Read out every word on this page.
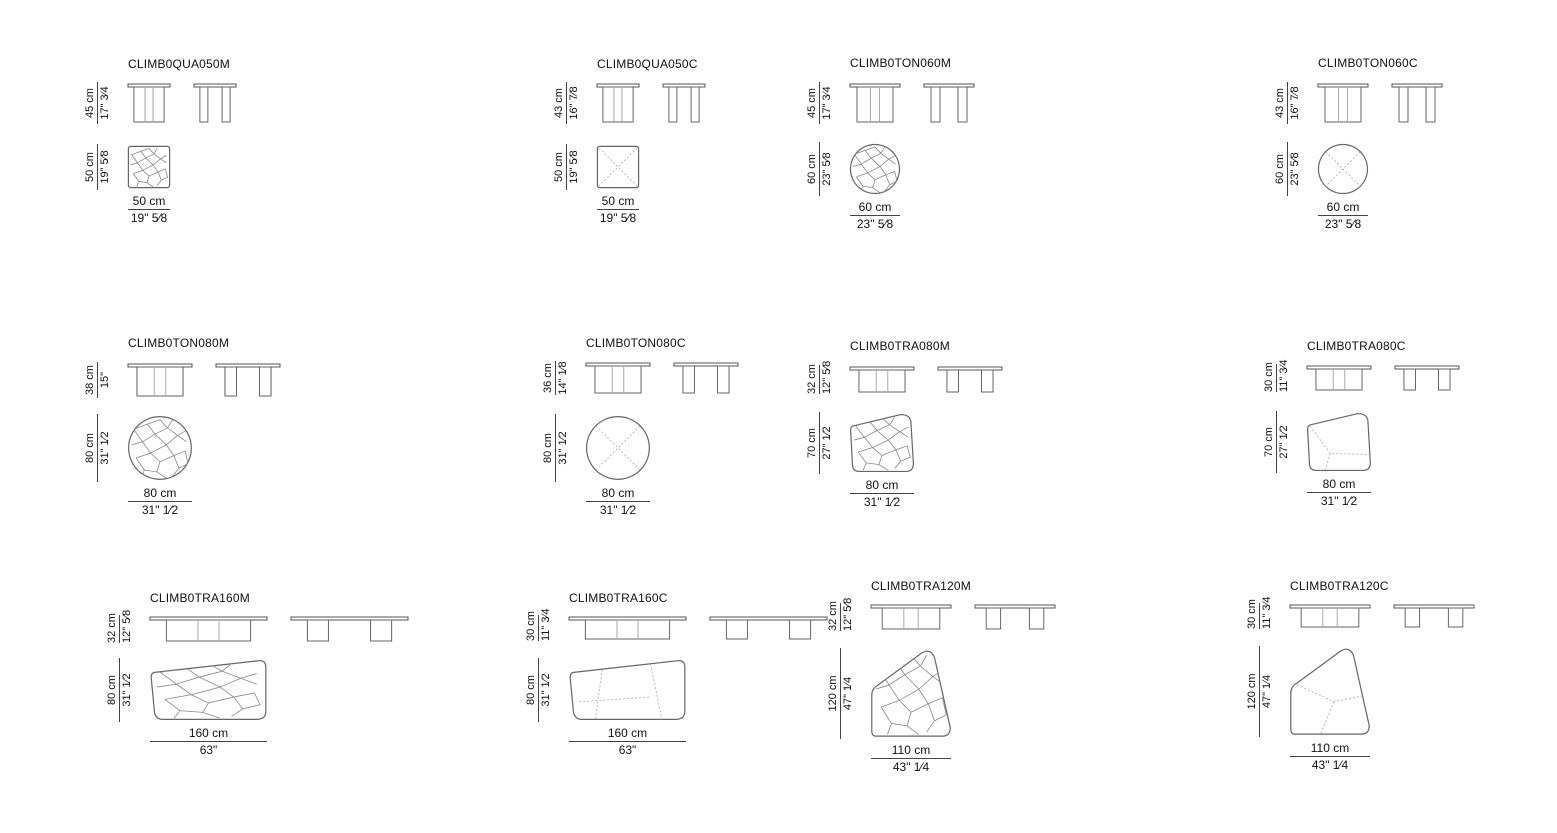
CLIMB0QUA050M
45 cm 17" 3⁄4
50 cm 19" 5⁄8
50 cm
19" 5⁄8
CLIMB0QUA050C
43 cm 16" 7⁄8
50 cm 19" 5⁄8
50 cm
19" 5⁄8
CLIMB0TON060M
45 cm 17" 3⁄4
60 cm 23" 5⁄8
60 cm
23" 5⁄8
CLIMB0TON060C
43 cm 16" 7⁄8
60 cm 23" 5⁄8
60 cm
23" 5⁄8
CLIMB0TON080M
38 cm 15"
80 cm 31" 1⁄2
80 cm
31" 1⁄2
CLIMB0TON080C
36 cm 14" 1⁄8
80 cm 31" 1⁄2
80 cm
31" 1⁄2
CLIMB0TRA080M
32 cm 12" 5⁄8
70 cm 27" 1⁄2
80 cm
31" 1⁄2
CLIMB0TRA080C
30 cm 11" 3⁄4
70 cm 27" 1⁄2
80 cm
31" 1⁄2
CLIMB0TRA160M
32 cm 12" 5⁄8
80 cm 31" 1⁄2
160 cm
63"
CLIMB0TRA160C
30 cm 11" 3⁄4
80 cm 31" 1⁄2
160 cm
63"
CLIMB0TRA120M
32 cm 12" 5⁄8
120 cm 47" 1⁄4
110 cm
43" 1⁄4
CLIMB0TRA120C
30 cm 11" 3⁄4
120 cm 47" 1⁄4
110 cm
43" 1⁄4
